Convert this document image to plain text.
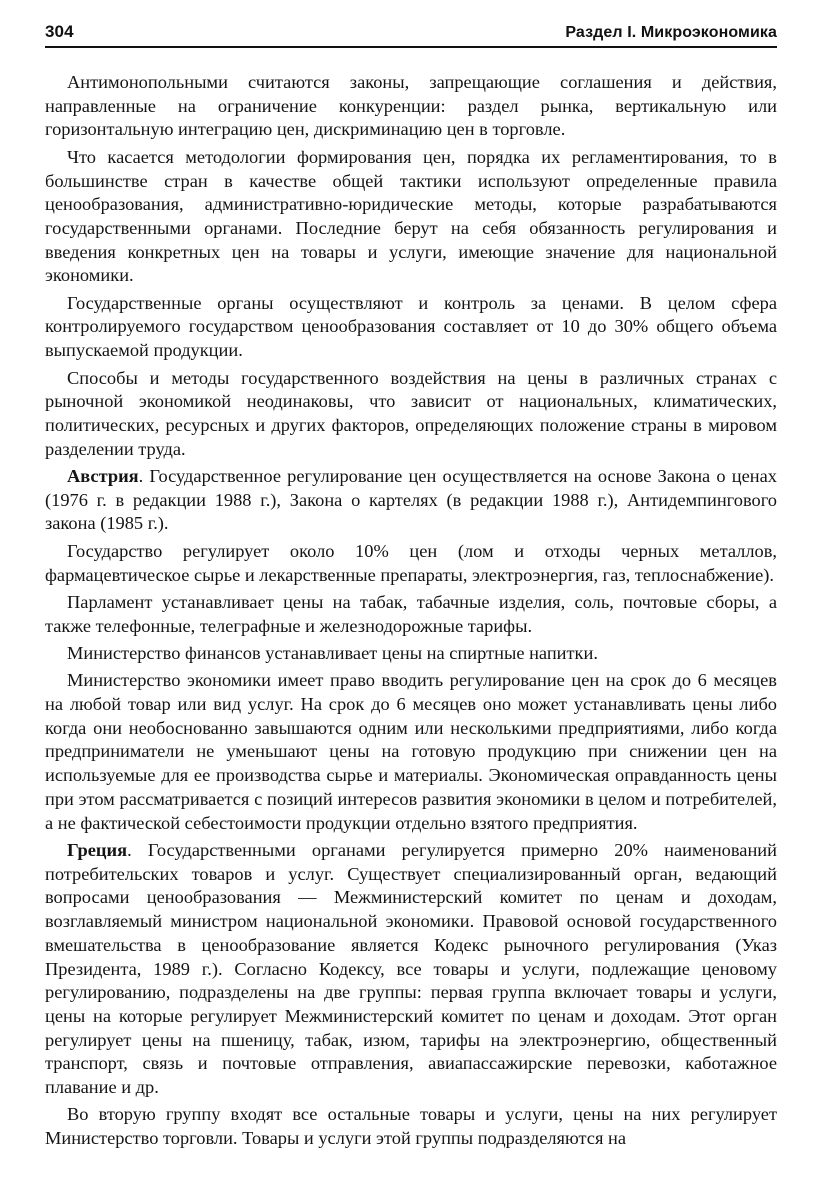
304	Раздел I. Микроэкономика

Антимонопольными считаются законы, запрещающие соглашения и действия, направленные на ограничение конкуренции: раздел рынка, вертикальную или горизонтальную интеграцию цен, дискриминацию цен в торговле.

Что касается методологии формирования цен, порядка их регламентирования, то в большинстве стран в качестве общей тактики используют определенные правила ценообразования, административно-юридические методы, которые разрабатываются государственными органами. Последние берут на себя обязанность регулирования и введения конкретных цен на товары и услуги, имеющие значение для национальной экономики.

Государственные органы осуществляют и контроль за ценами. В целом сфера контролируемого государством ценообразования составляет от 10 до 30% общего объема выпускаемой продукции.

Способы и методы государственного воздействия на цены в различных странах с рыночной экономикой неодинаковы, что зависит от национальных, климатических, политических, ресурсных и других факторов, определяющих положение страны в мировом разделении труда.

Австрия. Государственное регулирование цен осуществляется на основе Закона о ценах (1976 г. в редакции 1988 г.), Закона о картелях (в редакции 1988 г.), Антидемпингового закона (1985 г.).

Государство регулирует около 10% цен (лом и отходы черных металлов, фармацевтическое сырье и лекарственные препараты, электроэнергия, газ, теплоснабжение).

Парламент устанавливает цены на табак, табачные изделия, соль, почтовые сборы, а также телефонные, телеграфные и железнодорожные тарифы.

Министерство финансов устанавливает цены на спиртные напитки.

Министерство экономики имеет право вводить регулирование цен на срок до 6 месяцев на любой товар или вид услуг. На срок до 6 месяцев оно может устанавливать цены либо когда они необоснованно завышаются одним или несколькими предприятиями, либо когда предприниматели не уменьшают цены на готовую продукцию при снижении цен на используемые для ее производства сырье и материалы. Экономическая оправданность цены при этом рассматривается с позиций интересов развития экономики в целом и потребителей, а не фактической себестоимости продукции отдельно взятого предприятия.

Греция. Государственными органами регулируется примерно 20% наименований потребительских товаров и услуг. Существует специализированный орган, ведающий вопросами ценообразования — Межминистерский комитет по ценам и доходам, возглавляемый министром национальной экономики. Правовой основой государственного вмешательства в ценообразование является Кодекс рыночного регулирования (Указ Президента, 1989 г.). Согласно Кодексу, все товары и услуги, подлежащие ценовому регулированию, подразделены на две группы: первая группа включает товары и услуги, цены на которые регулирует Межминистерский комитет по ценам и доходам. Этот орган регулирует цены на пшеницу, табак, изюм, тарифы на электроэнергию, общественный транспорт, связь и почтовые отправления, авиапассажирские перевозки, каботажное плавание и др.

Во вторую группу входят все остальные товары и услуги, цены на них регулирует Министерство торговли. Товары и услуги этой группы подразделяются на
